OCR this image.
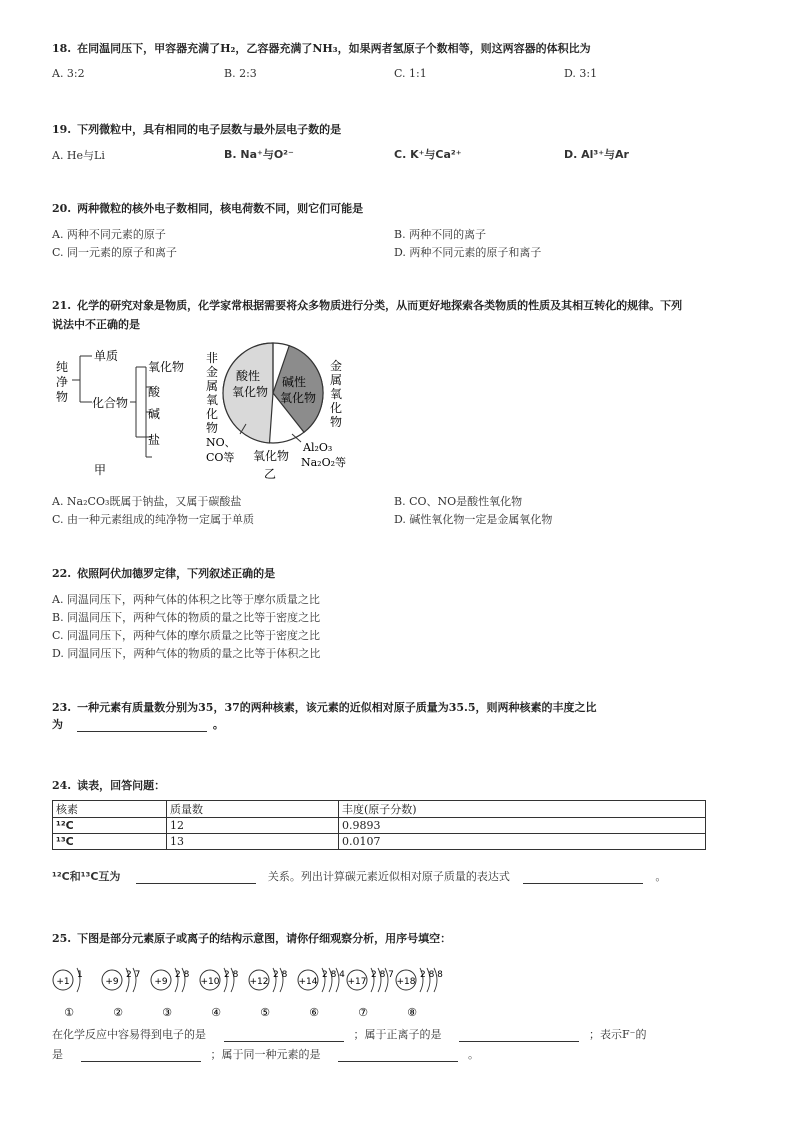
18. 在同温同压下，甲容器充满了H₂，乙容器充满了NH₃，如果两者氢原子个数相等，则这两容器的体积比为
A. 3:2	B. 2:3	C. 1:1	D. 3:1
19. 下列微粒中，具有相同的电子层数与最外层电子数的是
A. He与Li	B. Na⁺与O²⁻	C. K⁺与Ca²⁺	D. Al³⁺与Ar
20. 两种微粒的核外电子数相同，核电荷数不同，则它们可能是
A. 两种不同元素的原子	B. 两种不同的离子
C. 同一元素的原子和离子	D. 两种不同元素的原子和离子
21. 化学的研究对象是物质，化学家常根据需要将众多物质进行分类，从而更好地探索各类物质的性质及其相互转化的规律。下列
说法中不正确的是
纯
净
物
单质
化合物
氧化物
酸
碱
盐
甲
非
金
属
氧
化
物
金
属
氧
化
物
酸性
氧化物
碱性
氧化物
NO、
CO等 氧化物
Al₂O₃
Na₂O₂等
乙
A. Na₂CO₃既属于钠盐，又属于碳酸盐	B. CO、NO是酸性氧化物
C. 由一种元素组成的纯净物一定属于单质	D. 碱性氧化物一定是金属氧化物
22. 依照阿伏加德罗定律，下列叙述正确的是
A. 同温同压下，两种气体的体积之比等于摩尔质量之比
B. 同温同压下，两种气体的物质的量之比等于密度之比
C. 同温同压下，两种气体的摩尔质量之比等于密度之比
D. 同温同压下，两种气体的物质的量之比等于体积之比
23. 一种元素有质量数分别为35，37的两种核素，该元素的近似相对原子质量为35.5，则两种核素的丰度之比
为	。
24. 读表，回答问题：
核素	质量数	丰度(原子分数)
¹²C	12	0.9893
¹³C	13	0.0107
¹²C和¹³C互为	关系。列出计算碳元素近似相对原子质量的表达式	。
25. 下图是部分元素原子或离子的结构示意图，请你仔细观察分析，用序号填空：
+1
1
①
+9
2 7
②
+9
2 8
③
+10
2 8
④
+12
2 8
⑤
+14
2 8 4
⑥
+17
2 8 7
⑦
+18
2 8 8
⑧
在化学反应中容易得到电子的是	；属于正离子的是	；表示F⁻的
是	；属于同一种元素的是	。
